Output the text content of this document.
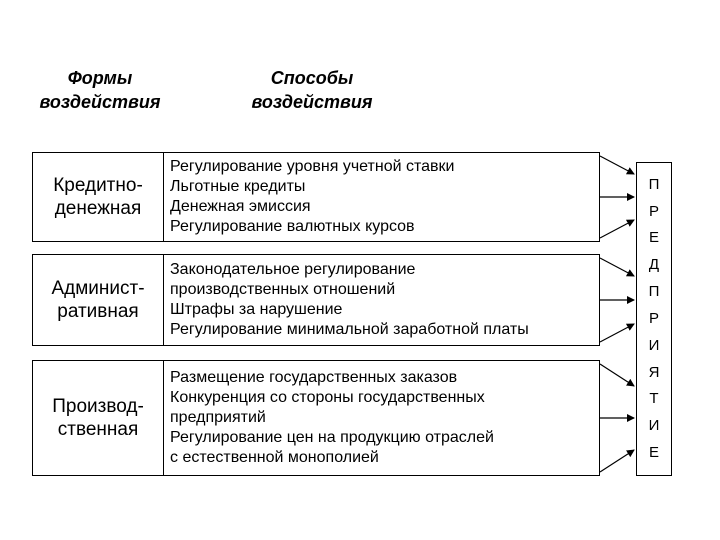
Формы
воздействия
Способы
воздействия
Кредитно-
денежная
Регулирование уровня учетной ставки
Льготные кредиты
Денежная эмиссия
Регулирование валютных курсов
Админист-
ративная
Законодательное регулирование
производственных отношений
Штрафы за нарушение
Регулирование минимальной заработной платы
Производ-
ственная
Размещение государственных заказов
Конкуренция со стороны государственных
предприятий
Регулирование цен на продукцию отраслей
с естественной монополией
П
Р
Е
Д
П
Р
И
Я
Т
И
Е
